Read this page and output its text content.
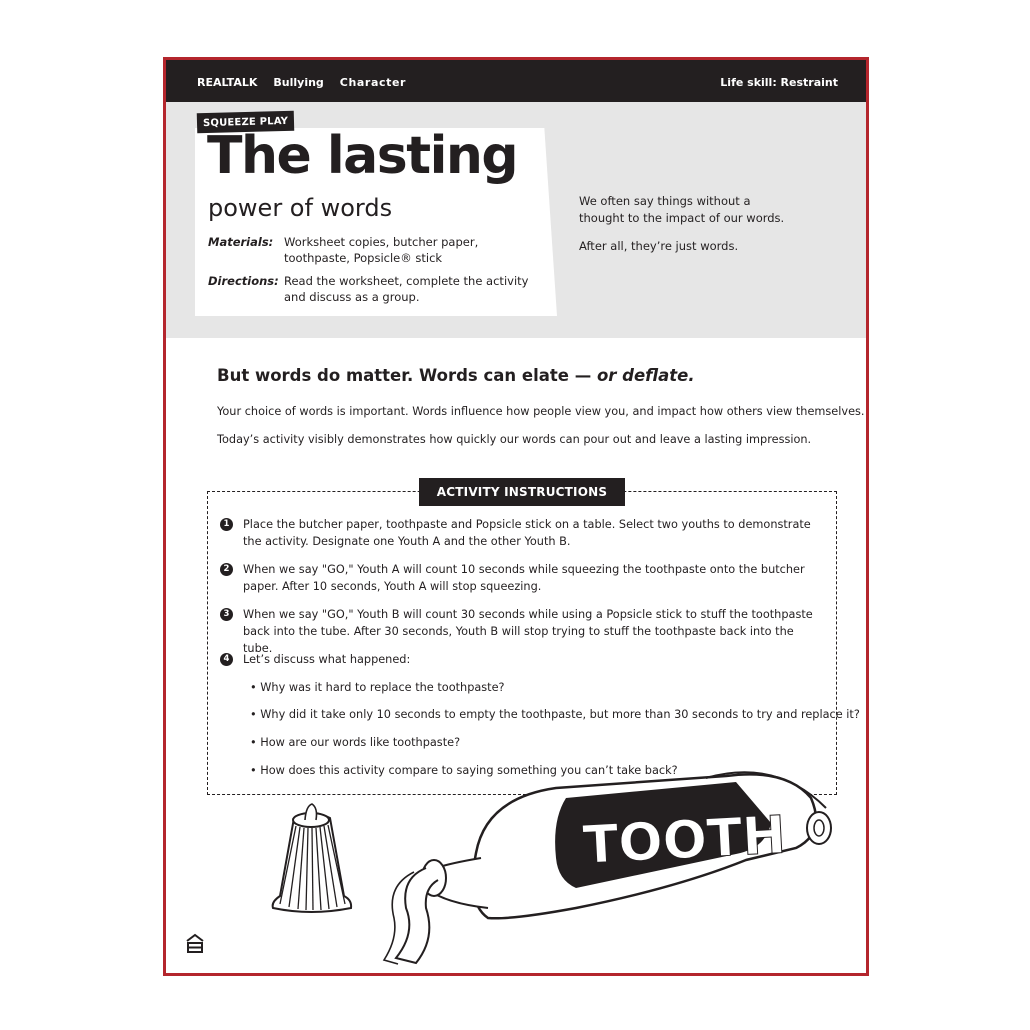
REALTALK Bullying Character	Life skill: Restraint
SQUEEZE PLAY
The lasting
power of words
Materials: Worksheet copies, butcher paper, toothpaste, Popsicle® stick
Directions: Read the worksheet, complete the activity and discuss as a group.

We often say things without a thought to the impact of our words.

After all, they’re just words.

But words do matter. Words can elate — or deflate.
Your choice of words is important. Words influence how people view you, and impact how others view themselves.
Today’s activity visibly demonstrates how quickly our words can pour out and leave a lasting impression.
ACTIVITY INSTRUCTIONS
1	Place the butcher paper, toothpaste and Popsicle stick on a table. Select two youths to demonstrate the activity. Designate one Youth A and the other Youth B.
2	When we say "GO," Youth A will count 10 seconds while squeezing the toothpaste onto the butcher paper. After 10 seconds, Youth A will stop squeezing.
3	When we say "GO," Youth B will count 30 seconds while using a Popsicle stick to stuff the toothpaste back into the tube. After 30 seconds, Youth B will stop trying to stuff the toothpaste back into the tube.
4	Let’s discuss what happened:
• Why was it hard to replace the toothpaste?
• Why did it take only 10 seconds to empty the toothpaste, but more than 30 seconds to try and replace it?
• How are our words like toothpaste?
• How does this activity compare to saying something you can’t take back?
TOOTH
